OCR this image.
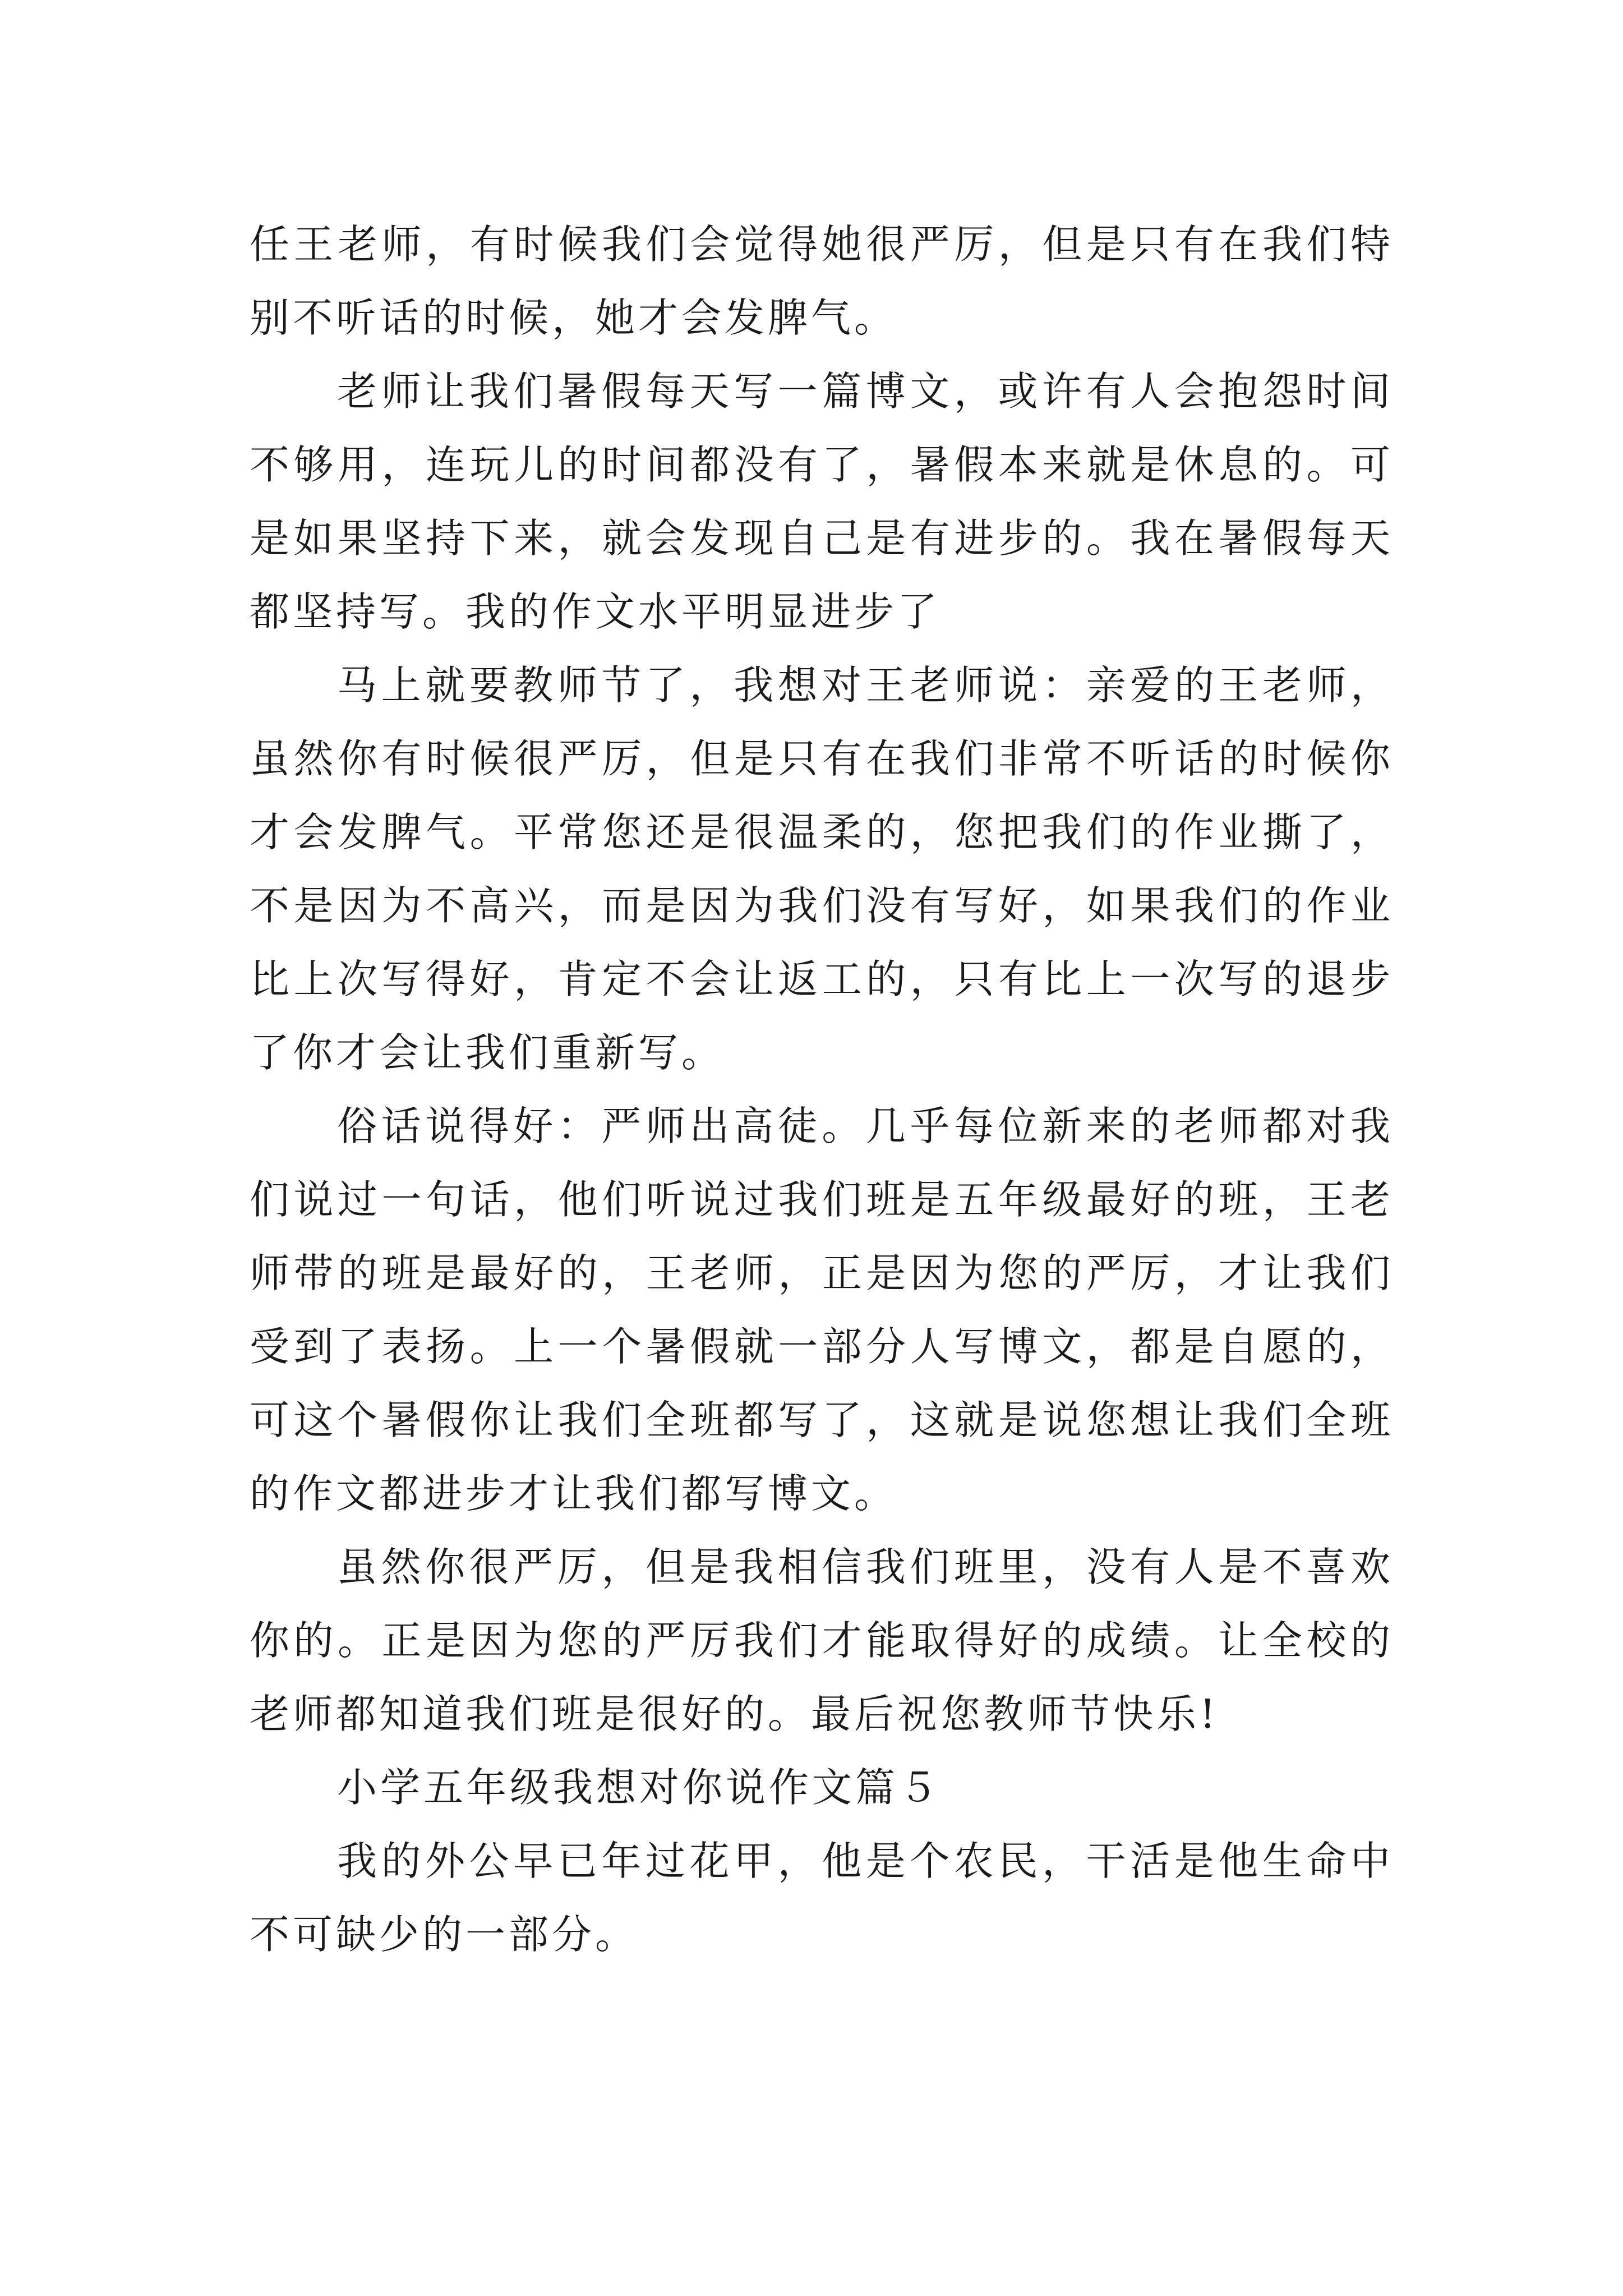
任王老师，有时候我们会觉得她很严厉，但是只有在我们特别不听话的时候，她才会发脾气。

老师让我们暑假每天写一篇博文，或许有人会抱怨时间不够用，连玩儿的时间都没有了，暑假本来就是休息的。可是如果坚持下来，就会发现自己是有进步的。我在暑假每天都坚持写。我的作文水平明显进步了

马上就要教师节了，我想对王老师说：亲爱的王老师，虽然你有时候很严厉，但是只有在我们非常不听话的时候你才会发脾气。平常您还是很温柔的，您把我们的作业撕了，不是因为不高兴，而是因为我们没有写好，如果我们的作业比上次写得好，肯定不会让返工的，只有比上一次写的退步了你才会让我们重新写。

俗话说得好：严师出高徒。几乎每位新来的老师都对我们说过一句话，他们听说过我们班是五年级最好的班，王老师带的班是最好的，王老师，正是因为您的严厉，才让我们受到了表扬。上一个暑假就一部分人写博文，都是自愿的，可这个暑假你让我们全班都写了，这就是说您想让我们全班的作文都进步才让我们都写博文。

虽然你很严厉，但是我相信我们班里，没有人是不喜欢你的。正是因为您的严厉我们才能取得好的成绩。让全校的老师都知道我们班是很好的。最后祝您教师节快乐!

小学五年级我想对你说作文篇５

我的外公早已年过花甲，他是个农民，干活是他生命中不可缺少的一部分。
